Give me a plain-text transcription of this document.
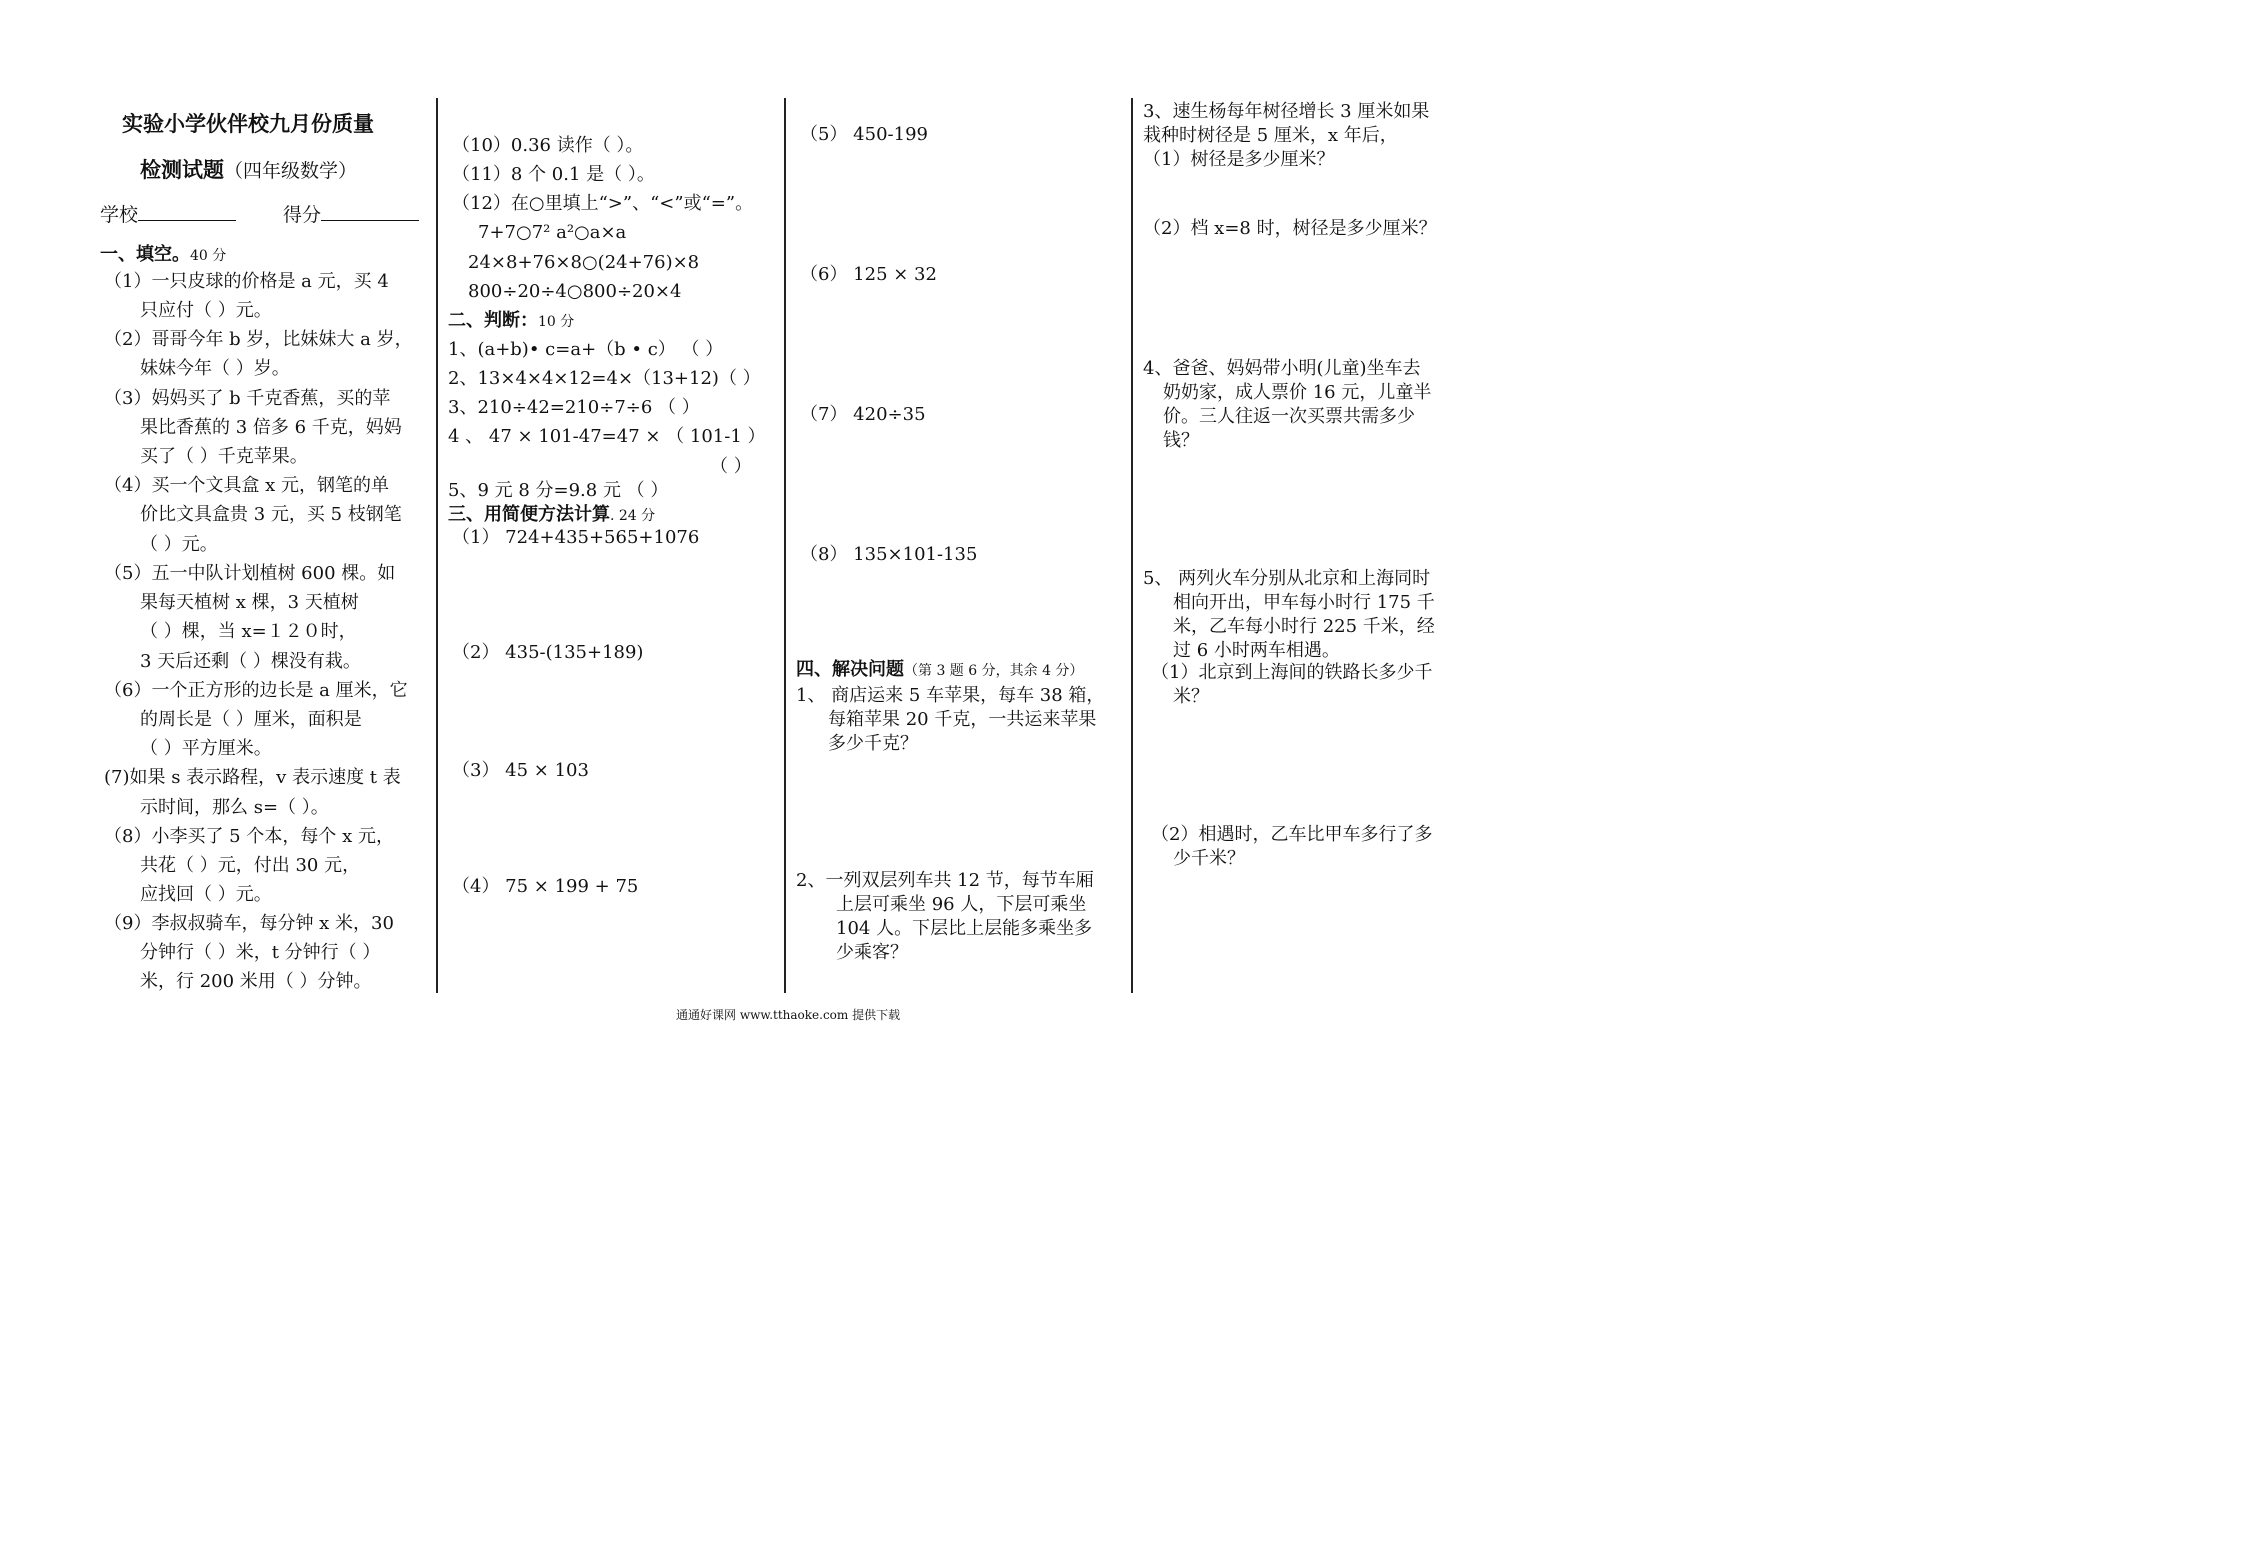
实验小学伙伴校九月份质量
检测试题（四年级数学）
学校	得分
一、填空。40 分
（1）一只皮球的价格是 a 元，买 4
只应付（ ）元。
（2）哥哥今年 b 岁，比妹妹大 a 岁，
妹妹今年（ ）岁。
（3）妈妈买了 b 千克香蕉，买的苹
果比香蕉的 3 倍多 6 千克，妈妈
买了（ ）千克苹果。
（4）买一个文具盒 x 元，钢笔的单
价比文具盒贵 3 元，买 5 枝钢笔
（ ）元。
（5）五一中队计划植树 600 棵。如
果每天植树 x 棵，3 天植树
（ ）棵，当 x=１２０时，
3 天后还剩（ ）棵没有栽。
（6）一个正方形的边长是 a 厘米，它
的周长是（ ）厘米，面积是
（ ）平方厘米。
(7)如果 s 表示路程，v 表示速度 t 表
示时间，那么 s=（ ）。
（8）小李买了 5 个本，每个 x 元，
共花（ ）元，付出 30 元，
应找回（ ）元。
（9）李叔叔骑车，每分钟 x 米，30
分钟行（ ）米，t 分钟行（ ）
米，行 200 米用（ ）分钟。
（10）0.36 读作（ ）。
（11）8 个 0.1 是（ ）。
（12）在○里填上“>”、“<”或“=”。
7+7○7² a²○a×a
24×8+76×8○(24+76)×8
800÷20÷4○800÷20×4
二、判断：10 分
1、(a+b)• c=a+（b • c） （ ）
2、13×4×4×12=4×（13+12)（ ）
3、210÷42=210÷7÷6 （ ）
4 、 47 × 101-47=47 × （ 101-1 ）
（ ）
5、9 元 8 分=9.8 元 （ ）
三、用简便方法计算. 24 分
（1） 724+435+565+1076
（2） 435-(135+189)
（3） 45 × 103
（4） 75 × 199 + 75
（5） 450-199
（6） 125 × 32
（7） 420÷35
（8） 135×101-135
四、解决问题（第 3 题 6 分，其余 4 分）
1、 商店运来 5 车苹果，每车 38 箱，
每箱苹果 20 千克，一共运来苹果
多少千克？
2、一列双层列车共 12 节，每节车厢
上层可乘坐 96 人，下层可乘坐
104 人。下层比上层能多乘坐多
少乘客？
3、速生杨每年树径增长 3 厘米如果
栽种时树径是 5 厘米，x 年后，
（1）树径是多少厘米？
（2）档 x=8 时，树径是多少厘米？
4、爸爸、妈妈带小明(儿童)坐车去
奶奶家，成人票价 16 元，儿童半
价。三人往返一次买票共需多少
钱？
5、 两列火车分别从北京和上海同时
相向开出，甲车每小时行 175 千
米，乙车每小时行 225 千米，经
过 6 小时两车相遇。
（1）北京到上海间的铁路长多少千
米？
（2）相遇时，乙车比甲车多行了多
少千米？
通通好课网 www.tthaoke.com 提供下载
